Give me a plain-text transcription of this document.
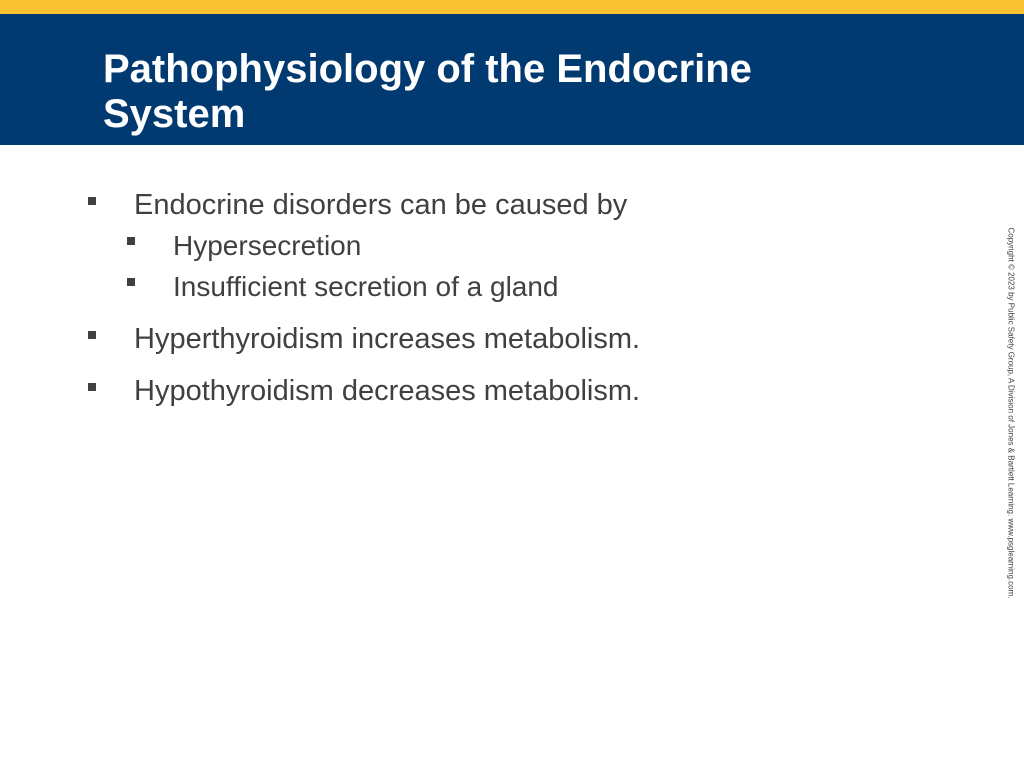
Pathophysiology of the Endocrine System
Endocrine disorders can be caused by
Hypersecretion
Insufficient secretion of a gland
Hyperthyroidism increases metabolism.
Hypothyroidism decreases metabolism.	Copyright © 2023 by Public Safety Group, A Division of Jones & Bartlett Learning. www.psglearning.com.
